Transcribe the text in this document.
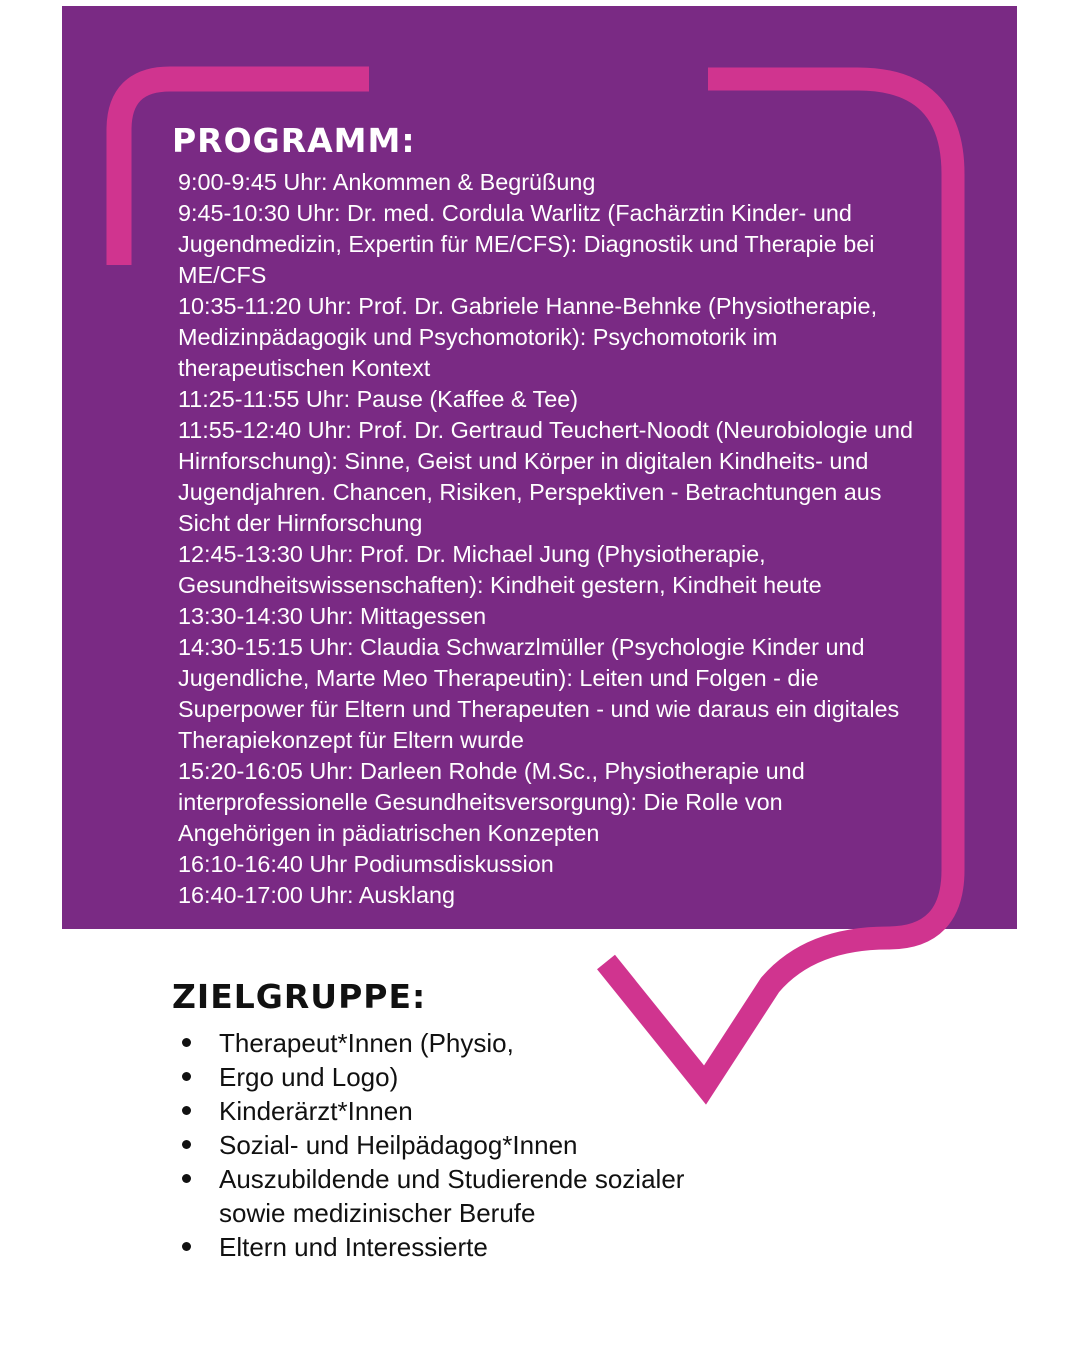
PROGRAMM:
9:00-9:45 Uhr: Ankommen & Begrüßung
9:45-10:30 Uhr: Dr. med. Cordula Warlitz (Fachärztin Kinder- und Jugendmedizin, Expertin für ME/CFS): Diagnostik und Therapie bei ME/CFS
10:35-11:20 Uhr: Prof. Dr. Gabriele Hanne-Behnke (Physiotherapie, Medizinpädagogik und Psychomotorik): Psychomotorik im therapeutischen Kontext
11:25-11:55 Uhr: Pause (Kaffee & Tee)
11:55-12:40 Uhr: Prof. Dr. Gertraud Teuchert-Noodt (Neurobiologie und Hirnforschung): Sinne, Geist und Körper in digitalen Kindheits- und Jugendjahren. Chancen, Risiken, Perspektiven - Betrachtungen aus Sicht der Hirnforschung
12:45-13:30 Uhr: Prof. Dr. Michael Jung (Physiotherapie, Gesundheitswissenschaften): Kindheit gestern, Kindheit heute
13:30-14:30 Uhr: Mittagessen
14:30-15:15 Uhr: Claudia Schwarzlmüller (Psychologie Kinder und Jugendliche, Marte Meo Therapeutin): Leiten und Folgen - die Superpower für Eltern und Therapeuten - und wie daraus ein digitales Therapiekonzept für Eltern wurde
15:20-16:05 Uhr: Darleen Rohde (M.Sc., Physiotherapie und interprofessionelle Gesundheitsversorgung): Die Rolle von Angehörigen in pädiatrischen Konzepten
16:10-16:40 Uhr Podiumsdiskussion
16:40-17:00 Uhr: Ausklang
ZIELGRUPPE:
Therapeut*Innen (Physio,
Ergo und Logo)
Kinderärzt*Innen
Sozial- und Heilpädagog*Innen
Auszubildende und Studierende sozialer sowie medizinischer Berufe
Eltern und Interessierte
